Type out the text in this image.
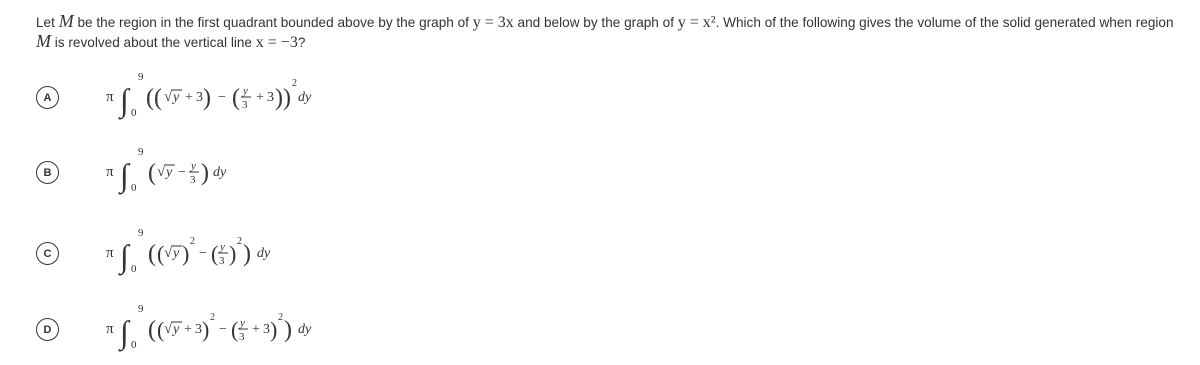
Let M be the region in the first quadrant bounded above by the graph of y = 3x and below by the graph of y = x². Which of the following gives the volume of the solid generated when region
M is revolved about the vertical line x = −3?
A	π ∫
9
0
( ( √ y + 3 ) − ( y
3 + 3 ) )
2
dy
B	π ∫
9
0
( √ y − y
3 ) dy
C	π ∫
9
0
( ( √ y ) 2
− ( y
3 ) 2 ) dy
D	π ∫
9
0
( ( √ y + 3 ) 2
− ( y
3 + 3 ) 2 ) dy
